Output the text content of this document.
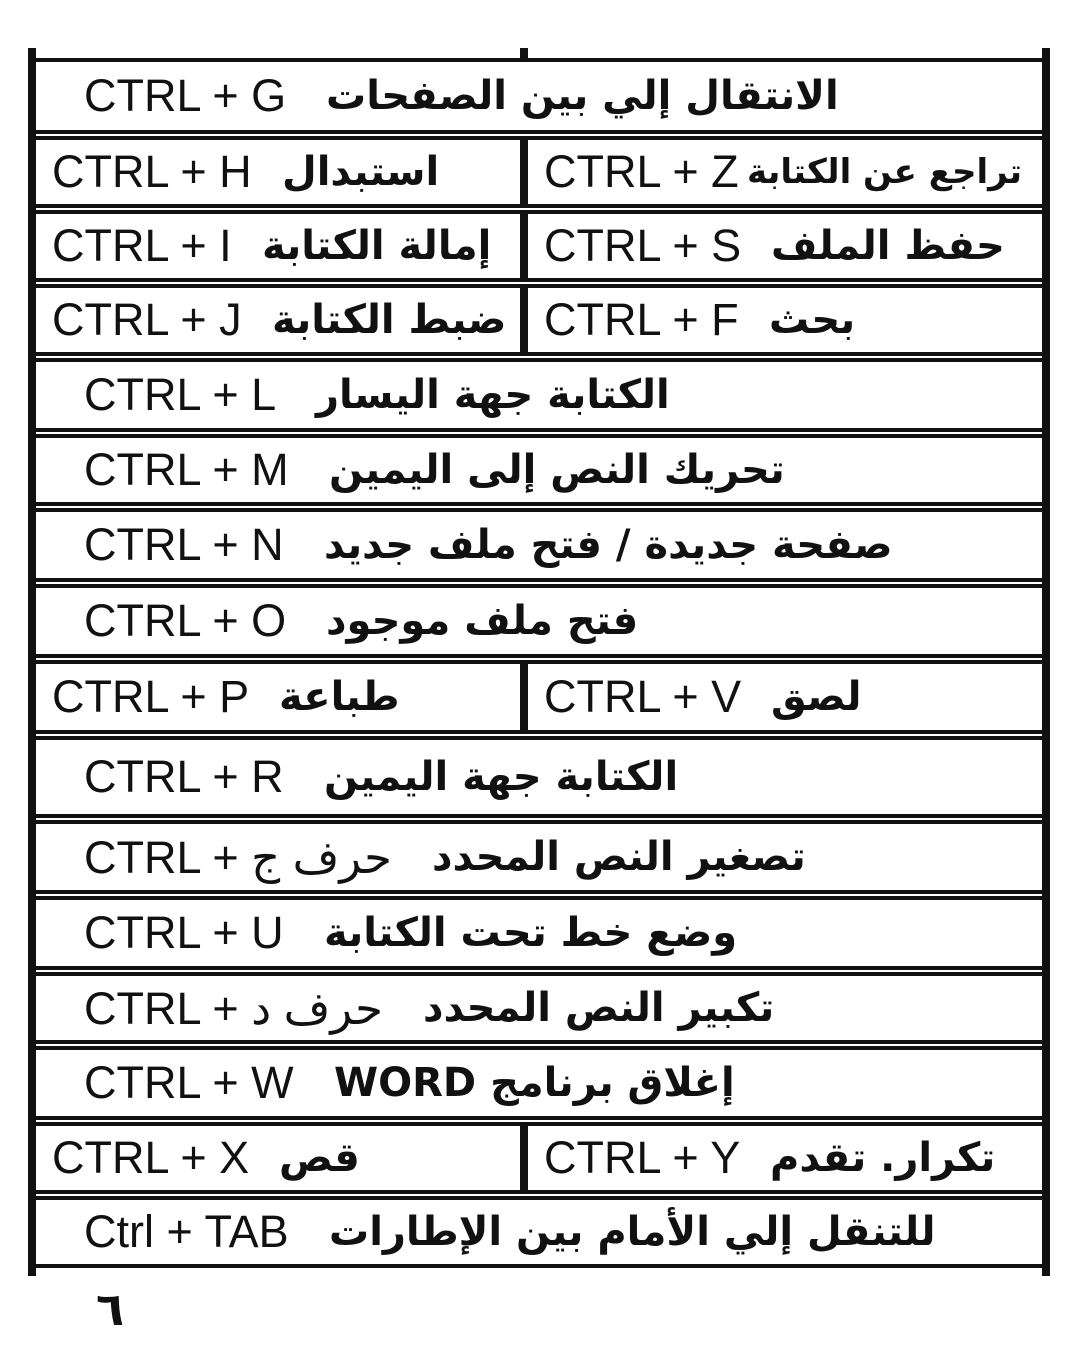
CTRL + G الانتقال إلي بين الصفحات
CTRL + H استبدال CTRL + Z تراجع عن الكتابة
CTRL + I إمالة الكتابة CTRL + S حفظ الملف
CTRL + J ضبط الكتابة CTRL + F بحث
CTRL + L الكتابة جهة اليسار
CTRL + M تحريك النص إلى اليمين
CTRL + N صفحة جديدة / فتح ملف جديد
CTRL + O فتح ملف موجود
CTRL + P طباعة	CTRL + V لصق
CTRL + R الكتابة جهة اليمين
CTRL + حرف ج تصغير النص المحدد
CTRL + U وضع خط تحت الكتابة
CTRL + حرف د تكبير النص المحدد
CTRL + W إغلاق برنامج WORD
CTRL + X قص	CTRL + Y تكرار. تقدم
Ctrl + TAB للتنقل إلي الأمام بين الإطارات
٦
